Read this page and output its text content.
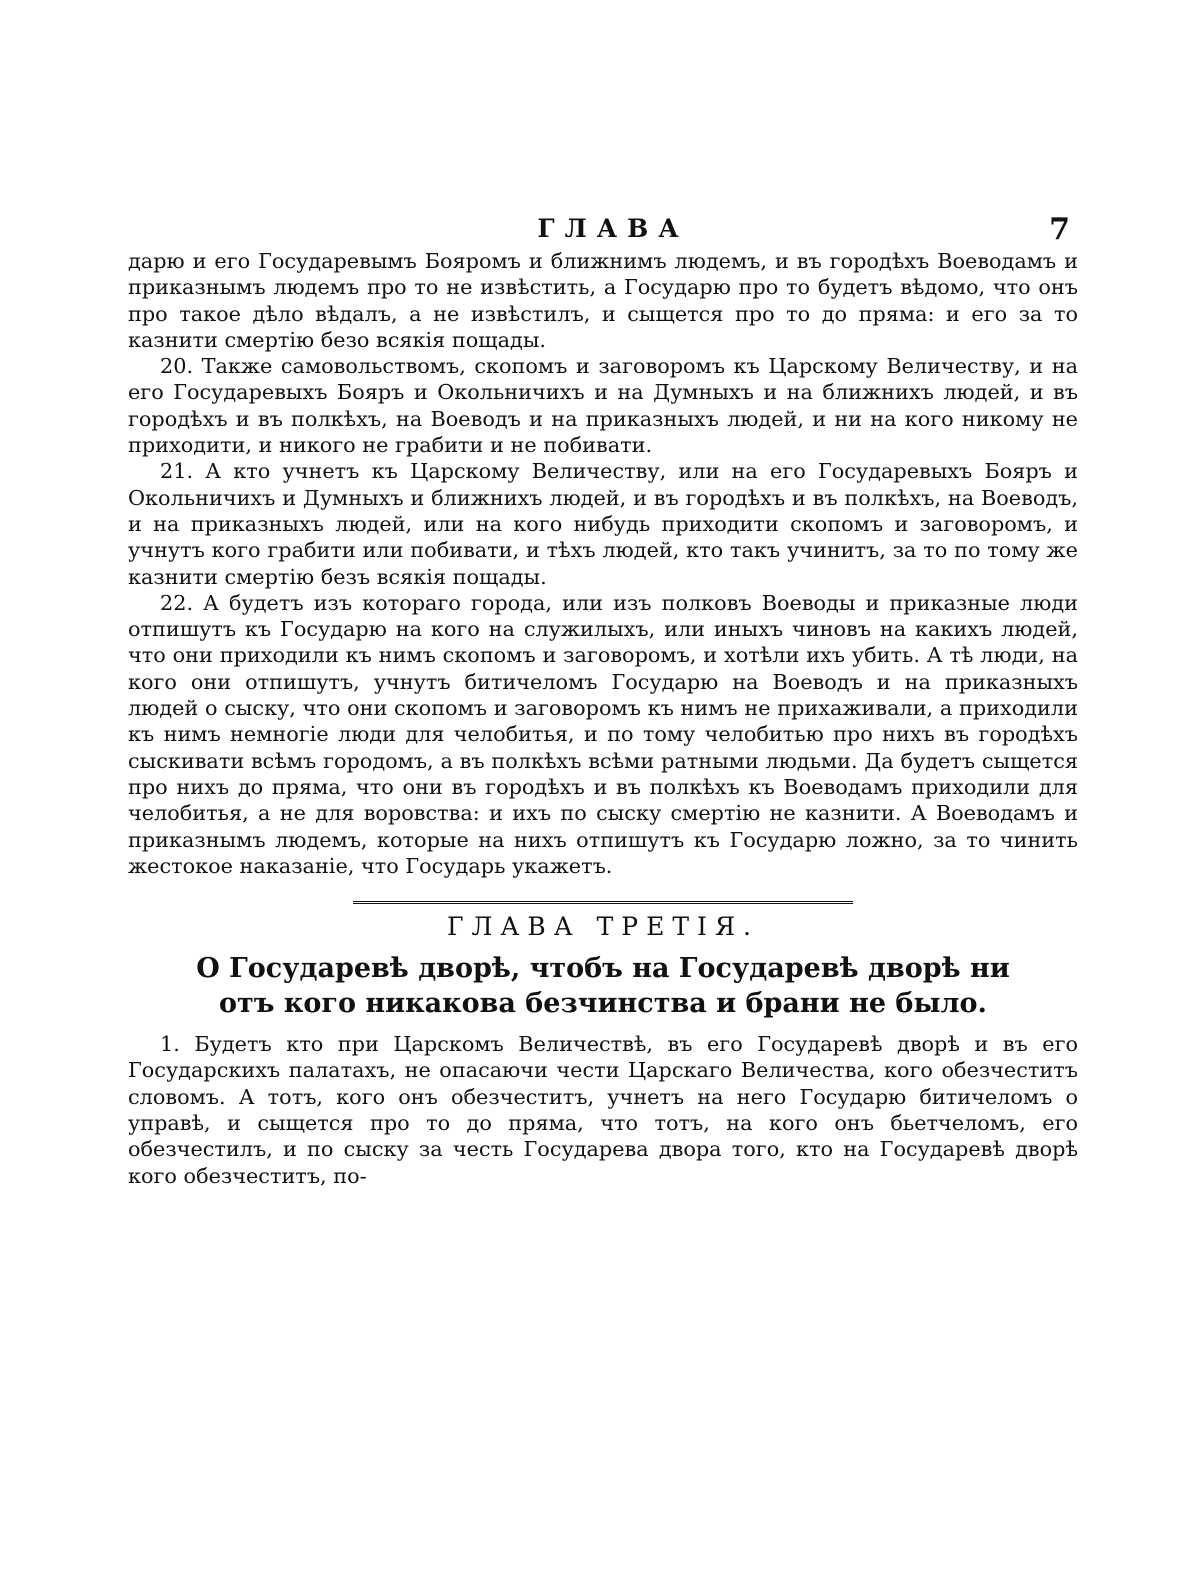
ГЛАВА	7

дарю и его Государевымъ Бояромъ и ближнимъ людемъ, и въ городѣхъ Воеводамъ и приказнымъ людемъ про то не извѣстить, а Государю про то будетъ вѣдомо, что онъ про такое дѣло вѣдалъ, а не извѣстилъ, и сыщется про то до пряма: и его за то казнити смертію безо всякія пощады.

20. Также самовольствомъ, скопомъ и заговоромъ къ Царскому Величеству, и на его Государевыхъ Бояръ и Окольничихъ и на Думныхъ и на ближнихъ людей, и въ городѣхъ и въ полкѣхъ, на Воеводъ и на приказныхъ людей, и ни на кого никому не приходити, и никого не грабити и не побивати.

21. А кто учнетъ къ Царскому Величеству, или на его Государевыхъ Бояръ и Окольничихъ и Думныхъ и ближнихъ людей, и въ городѣхъ и въ полкѣхъ, на Воеводъ, и на приказныхъ людей, или на кого нибудь приходити скопомъ и заговоромъ, и учнутъ кого грабити или побивати, и тѣхъ людей, кто такъ учинитъ, за то по тому же казнити смертію безъ всякія пощады.

22. А будетъ изъ котораго города, или изъ полковъ Воеводы и приказные люди отпишутъ къ Государю на кого на служилыхъ, или иныхъ чиновъ на какихъ людей, что они приходили къ нимъ скопомъ и заговоромъ, и хотѣли ихъ убить. А тѣ люди, на кого они отпишутъ, учнутъ битичеломъ Государю на Воеводъ и на приказныхъ людей о сыску, что они скопомъ и заговоромъ къ нимъ не прихаживали, а приходили къ нимъ немногіе люди для челобитья, и по тому челобитью про нихъ въ городѣхъ сыскивати всѣмъ городомъ, а въ полкѣхъ всѣми ратными людьми. Да будетъ сыщется про нихъ до пряма, что они въ городѣхъ и въ полкѣхъ къ Воеводамъ приходили для челобитья, а не для воровства: и ихъ по сыску смертію не казнити. А Воеводамъ и приказнымъ людемъ, которые на нихъ отпишутъ къ Государю ложно, за то чинить жестокое наказаніе, что Государь укажетъ.

ГЛАВА ТРЕТІЯ.
О Государевѣ дворѣ, чтобъ на Государевѣ дворѣ ни отъ кого никакова безчинства и брани не было.

1. Будетъ кто при Царскомъ Величествѣ, въ его Государевѣ дворѣ и въ его Государскихъ палатахъ, не опасаючи чести Царскаго Величества, кого обезчеститъ словомъ. А тотъ, кого онъ обезчеститъ, учнетъ на него Государю битичеломъ о управѣ, и сыщется про то до пряма, что тотъ, на кого онъ бьетчеломъ, его обезчестилъ, и по сыску за честь Государева двора того, кто на Государевѣ дворѣ кого обезчеститъ, по-
